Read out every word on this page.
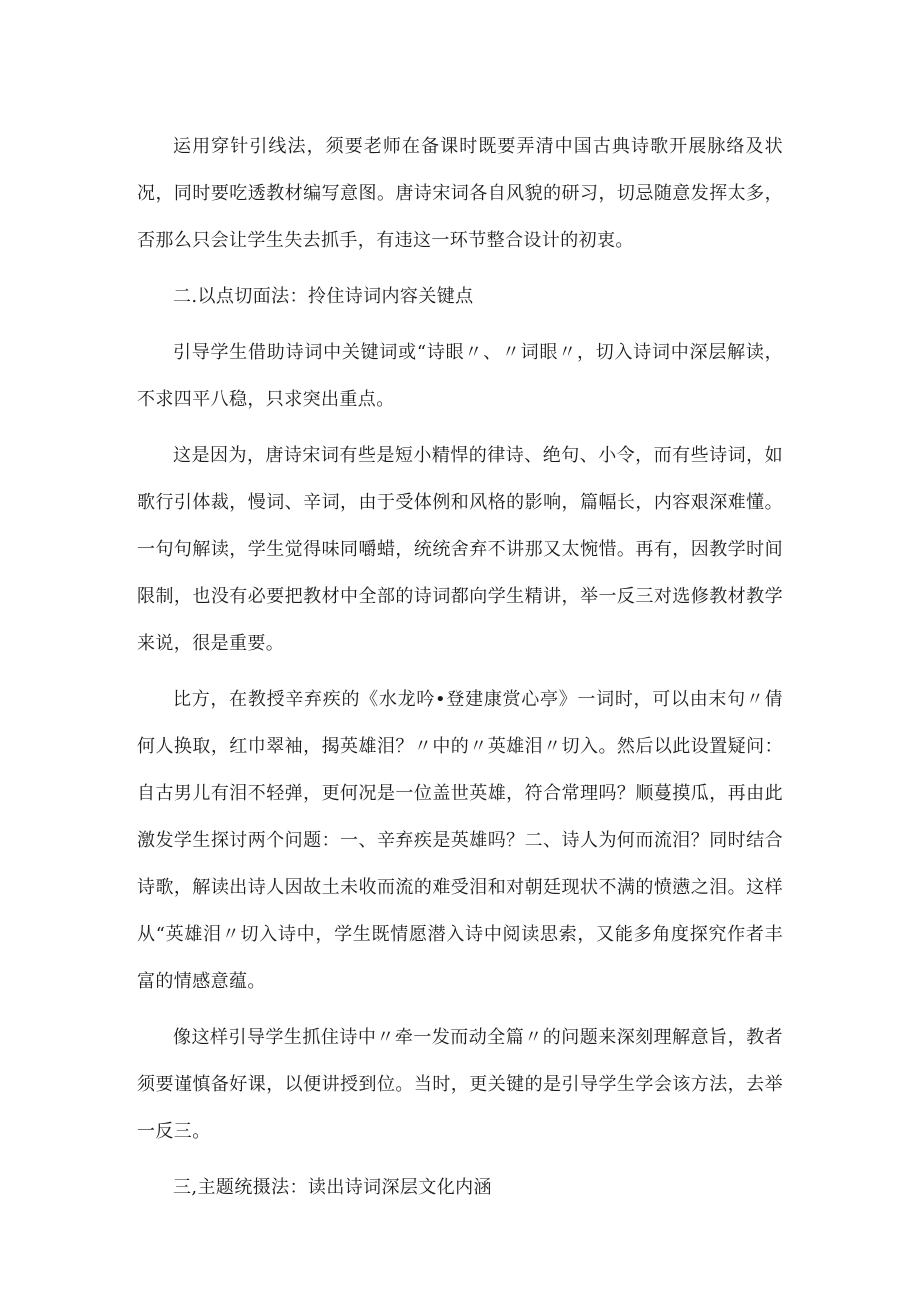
运用穿针引线法，须要老师在备课时既要弄清中国古典诗歌开展脉络及状况，同时要吃透教材编写意图。唐诗宋词各自风貌的研习，切忌随意发挥太多，否那么只会让学生失去抓手，有违这一环节整合设计的初衷。

二.以点切面法：拎住诗词内容关键点

引导学生借助诗词中关键词或“诗眼〃、〃词眼〃，切入诗词中深层解读，不求四平八稳，只求突出重点。

这是因为，唐诗宋词有些是短小精悍的律诗、绝句、小令，而有些诗词，如歌行引体裁，慢词、辛词，由于受体例和风格的影响，篇幅长，内容艰深难懂。一句句解读，学生觉得味同嚼蜡，统统舍弃不讲那又太惋惜。再有，因教学时间限制，也没有必要把教材中全部的诗词都向学生精讲，举一反三对选修教材教学来说，很是重要。

比方，在教授辛弃疾的《水龙吟•登建康赏心亭》一词时，可以由末句〃倩何人换取，红巾翠袖，揭英雄泪？〃中的〃英雄泪〃切入。然后以此设置疑问：自古男儿有泪不轻弹，更何况是一位盖世英雄，符合常理吗？顺蔓摸瓜，再由此激发学生探讨两个问题：一、辛弃疾是英雄吗？二、诗人为何而流泪？同时结合诗歌，解读出诗人因故土未收而流的难受泪和对朝廷现状不满的愤懑之泪。这样从“英雄泪〃切入诗中，学生既情愿潜入诗中阅读思索，又能多角度探究作者丰富的情感意蕴。

像这样引导学生抓住诗中〃牵一发而动全篇〃的问题来深刻理解意旨，教者须要谨慎备好课，以便讲授到位。当时，更关键的是引导学生学会该方法，去举一反三。

三,主题统摄法：读出诗词深层文化内涵
